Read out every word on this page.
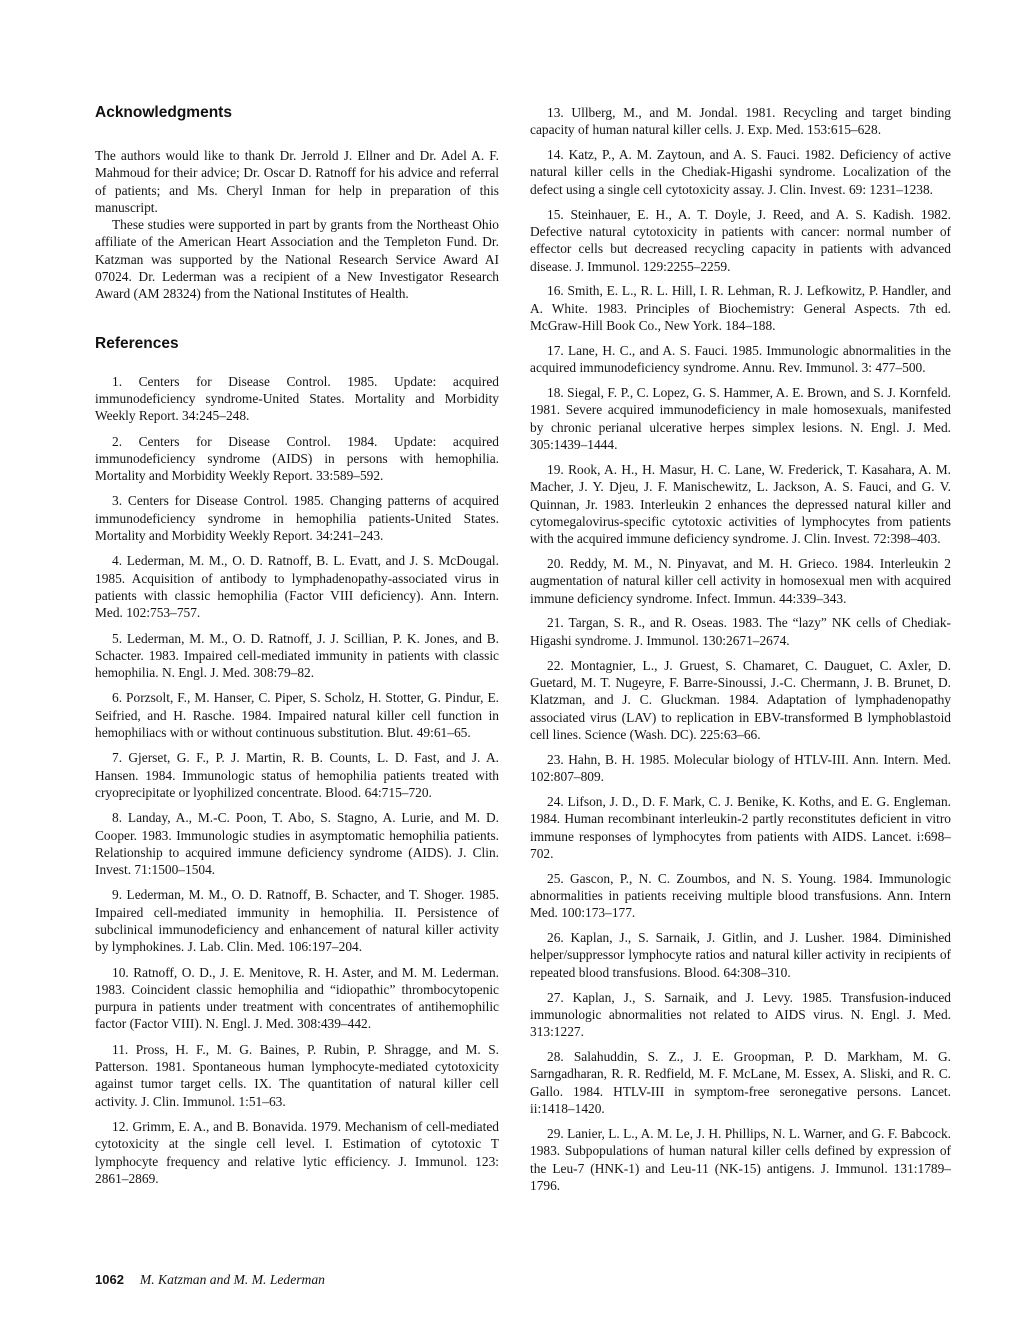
Acknowledgments

The authors would like to thank Dr. Jerrold J. Ellner and Dr. Adel A. F. Mahmoud for their advice; Dr. Oscar D. Ratnoff for his advice and referral of patients; and Ms. Cheryl Inman for help in preparation of this manuscript.

These studies were supported in part by grants from the Northeast Ohio affiliate of the American Heart Association and the Templeton Fund. Dr. Katzman was supported by the National Research Service Award AI 07024. Dr. Lederman was a recipient of a New Investigator Research Award (AM 28324) from the National Institutes of Health.

References
1. Centers for Disease Control. 1985. Update: acquired immunodeficiency syndrome-United States. Mortality and Morbidity Weekly Report. 34:245–248.
2. Centers for Disease Control. 1984. Update: acquired immunodeficiency syndrome (AIDS) in persons with hemophilia. Mortality and Morbidity Weekly Report. 33:589–592.
3. Centers for Disease Control. 1985. Changing patterns of acquired immunodeficiency syndrome in hemophilia patients-United States. Mortality and Morbidity Weekly Report. 34:241–243.
4. Lederman, M. M., O. D. Ratnoff, B. L. Evatt, and J. S. McDougal. 1985. Acquisition of antibody to lymphadenopathy-associated virus in patients with classic hemophilia (Factor VIII deficiency). Ann. Intern. Med. 102:753–757.
5. Lederman, M. M., O. D. Ratnoff, J. J. Scillian, P. K. Jones, and B. Schacter. 1983. Impaired cell-mediated immunity in patients with classic hemophilia. N. Engl. J. Med. 308:79–82.
6. Porzsolt, F., M. Hanser, C. Piper, S. Scholz, H. Stotter, G. Pindur, E. Seifried, and H. Rasche. 1984. Impaired natural killer cell function in hemophiliacs with or without continuous substitution. Blut. 49:61–65.
7. Gjerset, G. F., P. J. Martin, R. B. Counts, L. D. Fast, and J. A. Hansen. 1984. Immunologic status of hemophilia patients treated with cryoprecipitate or lyophilized concentrate. Blood. 64:715–720.
8. Landay, A., M.-C. Poon, T. Abo, S. Stagno, A. Lurie, and M. D. Cooper. 1983. Immunologic studies in asymptomatic hemophilia patients. Relationship to acquired immune deficiency syndrome (AIDS). J. Clin. Invest. 71:1500–1504.
9. Lederman, M. M., O. D. Ratnoff, B. Schacter, and T. Shoger. 1985. Impaired cell-mediated immunity in hemophilia. II. Persistence of subclinical immunodeficiency and enhancement of natural killer activity by lymphokines. J. Lab. Clin. Med. 106:197–204.
10. Ratnoff, O. D., J. E. Menitove, R. H. Aster, and M. M. Lederman. 1983. Coincident classic hemophilia and “idiopathic” thrombocytopenic purpura in patients under treatment with concentrates of antihemophilic factor (Factor VIII). N. Engl. J. Med. 308:439–442.
11. Pross, H. F., M. G. Baines, P. Rubin, P. Shragge, and M. S. Patterson. 1981. Spontaneous human lymphocyte-mediated cytotoxicity against tumor target cells. IX. The quantitation of natural killer cell activity. J. Clin. Immunol. 1:51–63.
12. Grimm, E. A., and B. Bonavida. 1979. Mechanism of cell-mediated cytotoxicity at the single cell level. I. Estimation of cytotoxic T lymphocyte frequency and relative lytic efficiency. J. Immunol. 123: 2861–2869.
13. Ullberg, M., and M. Jondal. 1981. Recycling and target binding capacity of human natural killer cells. J. Exp. Med. 153:615–628.
14. Katz, P., A. M. Zaytoun, and A. S. Fauci. 1982. Deficiency of active natural killer cells in the Chediak-Higashi syndrome. Localization of the defect using a single cell cytotoxicity assay. J. Clin. Invest. 69: 1231–1238.
15. Steinhauer, E. H., A. T. Doyle, J. Reed, and A. S. Kadish. 1982. Defective natural cytotoxicity in patients with cancer: normal number of effector cells but decreased recycling capacity in patients with advanced disease. J. Immunol. 129:2255–2259.
16. Smith, E. L., R. L. Hill, I. R. Lehman, R. J. Lefkowitz, P. Handler, and A. White. 1983. Principles of Biochemistry: General Aspects. 7th ed. McGraw-Hill Book Co., New York. 184–188.
17. Lane, H. C., and A. S. Fauci. 1985. Immunologic abnormalities in the acquired immunodeficiency syndrome. Annu. Rev. Immunol. 3: 477–500.
18. Siegal, F. P., C. Lopez, G. S. Hammer, A. E. Brown, and S. J. Kornfeld. 1981. Severe acquired immunodeficiency in male homosexuals, manifested by chronic perianal ulcerative herpes simplex lesions. N. Engl. J. Med. 305:1439–1444.
19. Rook, A. H., H. Masur, H. C. Lane, W. Frederick, T. Kasahara, A. M. Macher, J. Y. Djeu, J. F. Manischewitz, L. Jackson, A. S. Fauci, and G. V. Quinnan, Jr. 1983. Interleukin 2 enhances the depressed natural killer and cytomegalovirus-specific cytotoxic activities of lymphocytes from patients with the acquired immune deficiency syndrome. J. Clin. Invest. 72:398–403.
20. Reddy, M. M., N. Pinyavat, and M. H. Grieco. 1984. Interleukin 2 augmentation of natural killer cell activity in homosexual men with acquired immune deficiency syndrome. Infect. Immun. 44:339–343.
21. Targan, S. R., and R. Oseas. 1983. The “lazy” NK cells of Chediak-Higashi syndrome. J. Immunol. 130:2671–2674.
22. Montagnier, L., J. Gruest, S. Chamaret, C. Dauguet, C. Axler, D. Guetard, M. T. Nugeyre, F. Barre-Sinoussi, J.-C. Chermann, J. B. Brunet, D. Klatzman, and J. C. Gluckman. 1984. Adaptation of lymphadenopathy associated virus (LAV) to replication in EBV-transformed B lymphoblastoid cell lines. Science (Wash. DC). 225:63–66.
23. Hahn, B. H. 1985. Molecular biology of HTLV-III. Ann. Intern. Med. 102:807–809.
24. Lifson, J. D., D. F. Mark, C. J. Benike, K. Koths, and E. G. Engleman. 1984. Human recombinant interleukin-2 partly reconstitutes deficient in vitro immune responses of lymphocytes from patients with AIDS. Lancet. i:698–702.
25. Gascon, P., N. C. Zoumbos, and N. S. Young. 1984. Immunologic abnormalities in patients receiving multiple blood transfusions. Ann. Intern Med. 100:173–177.
26. Kaplan, J., S. Sarnaik, J. Gitlin, and J. Lusher. 1984. Diminished helper/suppressor lymphocyte ratios and natural killer activity in recipients of repeated blood transfusions. Blood. 64:308–310.
27. Kaplan, J., S. Sarnaik, and J. Levy. 1985. Transfusion-induced immunologic abnormalities not related to AIDS virus. N. Engl. J. Med. 313:1227.
28. Salahuddin, S. Z., J. E. Groopman, P. D. Markham, M. G. Sarngadharan, R. R. Redfield, M. F. McLane, M. Essex, A. Sliski, and R. C. Gallo. 1984. HTLV-III in symptom-free seronegative persons. Lancet. ii:1418–1420.
29. Lanier, L. L., A. M. Le, J. H. Phillips, N. L. Warner, and G. F. Babcock. 1983. Subpopulations of human natural killer cells defined by expression of the Leu-7 (HNK-1) and Leu-11 (NK-15) antigens. J. Immunol. 131:1789–1796.
1062 M. Katzman and M. M. Lederman
